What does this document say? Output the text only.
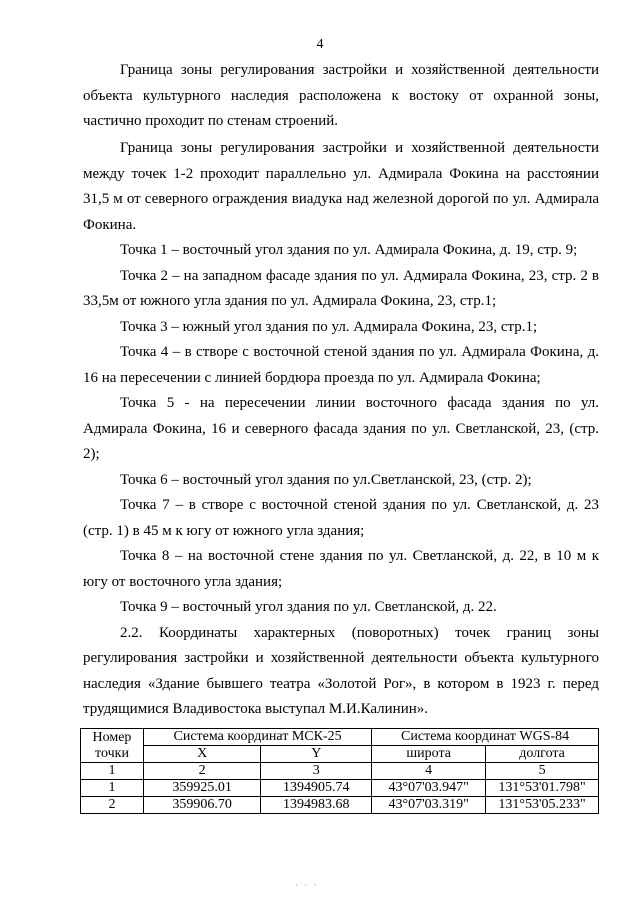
4

Граница зоны регулирования застройки и хозяйственной деятельности объекта культурного наследия расположена к востоку от охранной зоны, частично проходит по стенам строений.

Граница зоны регулирования застройки и хозяйственной деятельности между точек 1-2 проходит параллельно ул. Адмирала Фокина на расстоянии 31,5 м от северного ограждения виадука над железной дорогой по ул. Адмирала Фокина.

Точка 1 – восточный угол здания по ул. Адмирала Фокина, д. 19, стр. 9;

Точка 2 – на западном фасаде здания по ул. Адмирала Фокина, 23, стр. 2 в 33,5м от южного угла здания по ул. Адмирала Фокина, 23, стр.1;

Точка 3 – южный угол здания по ул. Адмирала Фокина, 23, стр.1;

Точка 4 – в створе с восточной стеной здания по ул. Адмирала Фокина, д. 16 на пересечении с линией бордюра проезда по ул. Адмирала Фокина;

Точка 5 - на пересечении линии восточного фасада здания по ул. Адмирала Фокина, 16 и северного фасада здания по ул. Светланской, 23, (стр. 2);

Точка 6 – восточный угол здания по ул.Светланской, 23, (стр. 2);

Точка 7 – в створе с восточной стеной здания по ул. Светланской, д. 23 (стр. 1) в 45 м к югу от южного угла здания;

Точка 8 – на восточной стене здания по ул. Светланской, д. 22, в 10 м к югу от восточного угла здания;

Точка 9 – восточный угол здания по ул. Светланской, д. 22.

2.2. Координаты характерных (поворотных) точек границ зоны регулирования застройки и хозяйственной деятельности объекта культурного наследия «Здание бывшего театра «Золотой Рог», в котором в 1923 г. перед трудящимися Владивостока выступал М.И.Калинин».

Номер точки	Система координат МСК-25		Система координат WGS-84	
	X	Y	широта	долгота
1	2	3	4	5
1	359925.01	1394905.74	43°07'03.947"	131°53'01.798"
2	359906.70	1394983.68	43°07'03.319"	131°53'05.233"
· · ·
